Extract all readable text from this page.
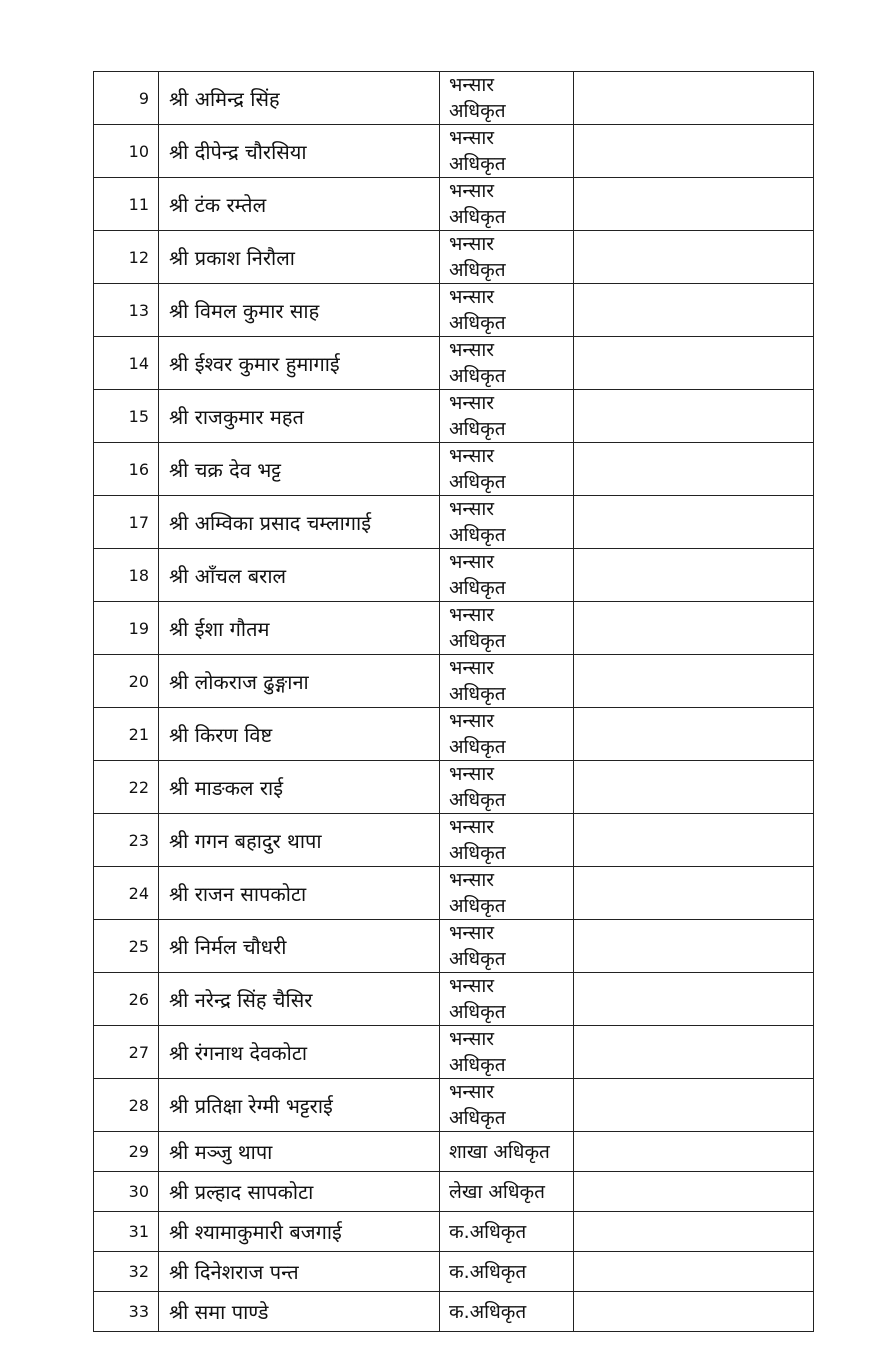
9	श्री अमिन्द्र सिंह	भन्सार
अधिकृत	

10	श्री दीपेन्द्र चौरसिया	भन्सार
अधिकृत	

11	श्री टंक रम्तेल	भन्सार
अधिकृत	

12	श्री प्रकाश निरौला	भन्सार
अधिकृत	

13	श्री विमल कुमार साह	भन्सार
अधिकृत	

14	श्री ईश्वर कुमार हुमागाई	भन्सार
अधिकृत	

15	श्री राजकुमार महत	भन्सार
अधिकृत	

16	श्री चक्र देव भट्ट	भन्सार
अधिकृत	

17	श्री अम्विका प्रसाद चम्लागाई	भन्सार
अधिकृत	

18	श्री आँचल बराल	भन्सार
अधिकृत	

19	श्री ईशा गौतम	भन्सार
अधिकृत	

20	श्री लोकराज ढुङ्गाना	भन्सार
अधिकृत	

21	श्री किरण विष्ट	भन्सार
अधिकृत	

22	श्री माङकल राई	भन्सार
अधिकृत	

23	श्री गगन बहादुर थापा	भन्सार
अधिकृत	

24	श्री राजन सापकोटा	भन्सार
अधिकृत	

25	श्री निर्मल चौधरी	भन्सार
अधिकृत	

26	श्री नरेन्द्र सिंह चैसिर	भन्सार
अधिकृत	

27	श्री रंगनाथ देवकोटा	भन्सार
अधिकृत	

28	श्री प्रतिक्षा रेग्मी भट्टराई	भन्सार
अधिकृत	

29	श्री मञ्जु थापा	शाखा अधिकृत	

30	श्री प्रल्हाद सापकोटा	लेखा अधिकृत	

31	श्री श्यामाकुमारी बजगाई	क.अधिकृत	

32	श्री दिनेशराज पन्त	क.अधिकृत	

33	श्री समा पाण्डे	क.अधिकृत	
